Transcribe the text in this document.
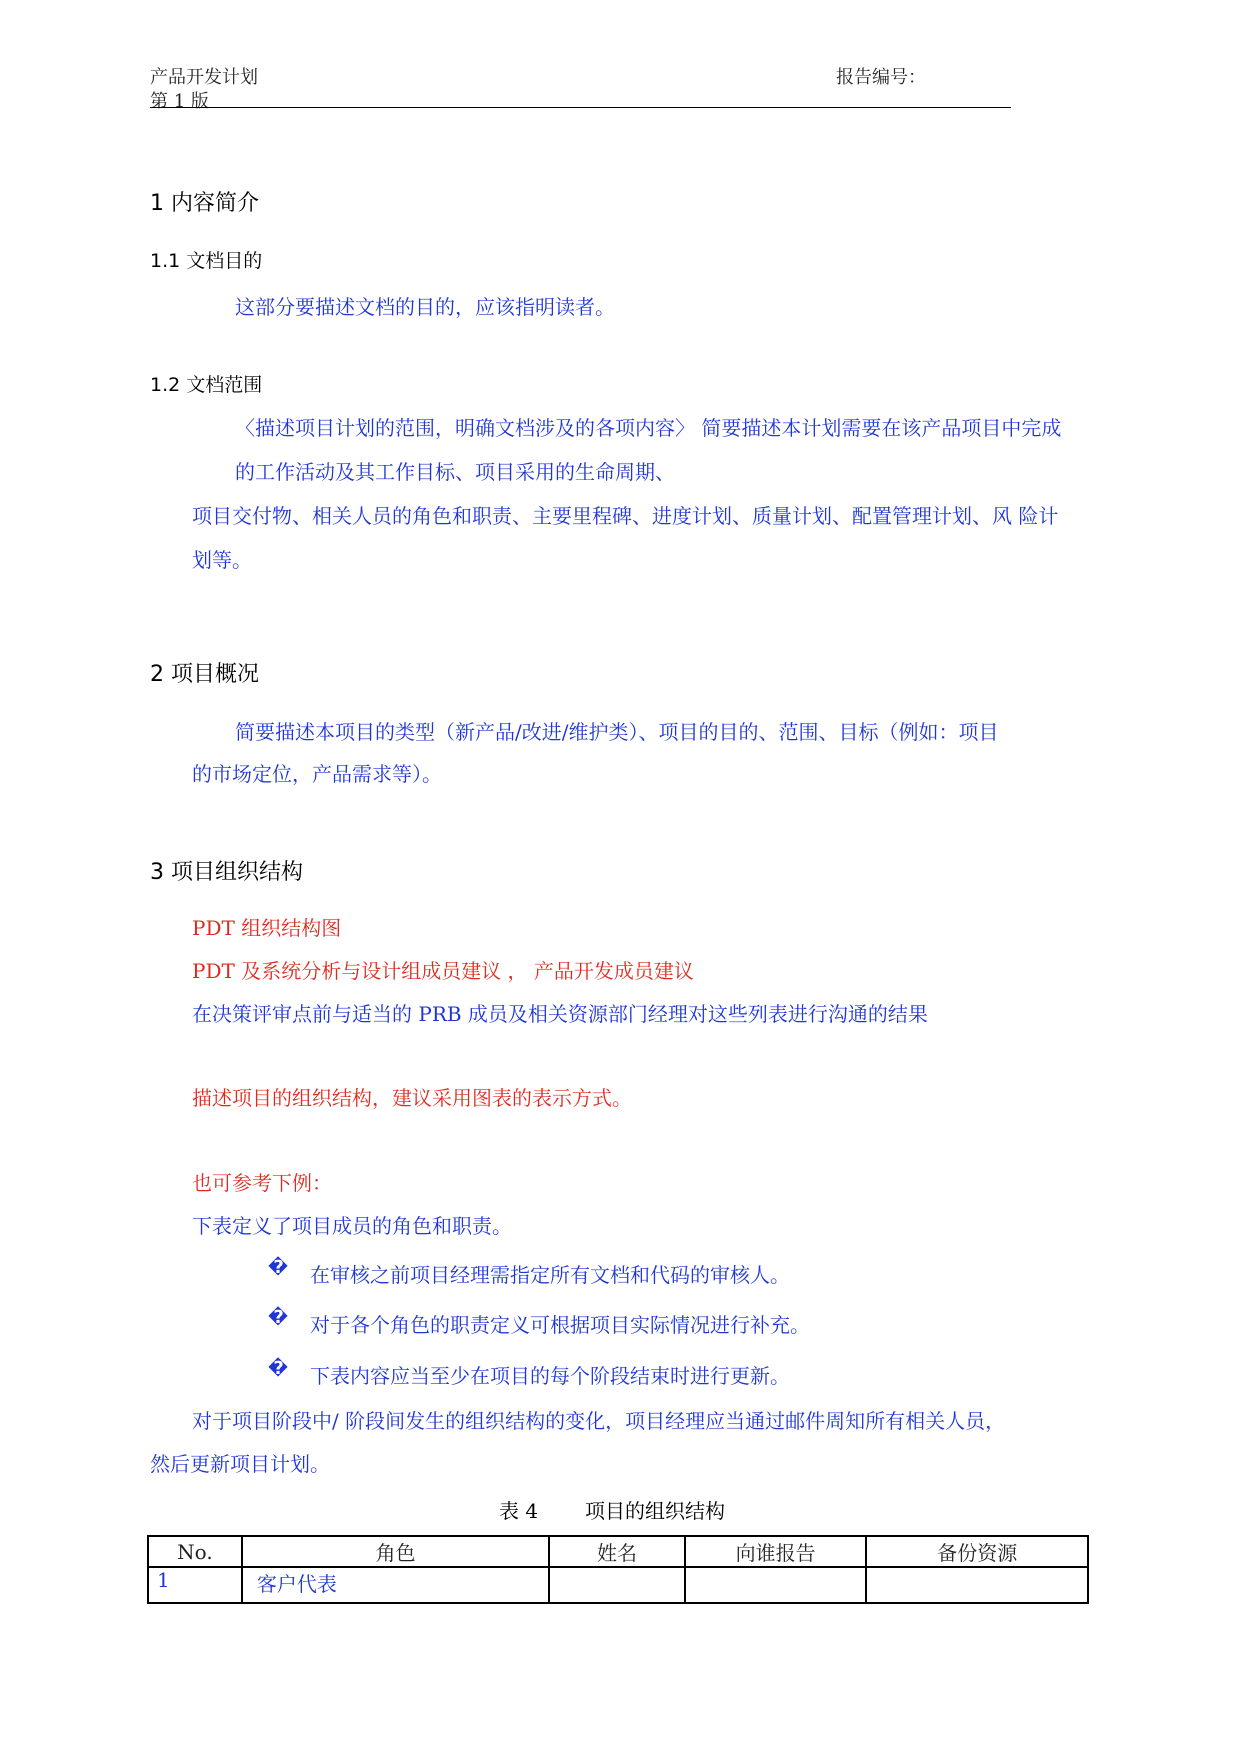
产品开发计划	报告编号：
第 1 版
1 内容简介
1.1 文档目的
这部分要描述文档的目的，应该指明读者。
1.2 文档范围
〈描述项目计划的范围，明确文档涉及的各项内容〉 简要描述本计划需要在该产品项目中完成
的工作活动及其工作目标、项目采用的生命周期、
项目交付物、相关人员的角色和职责、主要里程碑、进度计划、质量计划、配置管理计划、风 险计
划等。
2 项目概况
简要描述本项目的类型（新产品/改进/维护类）、项目的目的、范围、目标（例如：项目
的市场定位，产品需求等）。
3 项目组织结构
PDT 组织结构图
PDT 及系统分析与设计组成员建议 ， 产品开发成员建议
在决策评审点前与适当的 PRB 成员及相关资源部门经理对这些列表进行沟通的结果
描述项目的组织结构，建议采用图表的表示方式。
也可参考下例：
下表定义了项目成员的角色和职责。
� 在审核之前项目经理需指定所有文档和代码的审核人。
� 对于各个角色的职责定义可根据项目实际情况进行补充。
� 下表内容应当至少在项目的每个阶段结束时进行更新。
对于项目阶段中/ 阶段间发生的组织结构的变化，项目经理应当通过邮件周知所有相关人员，
然后更新项目计划。
表 4 项目的组织结构
No.	角色	姓名	向谁报告	备份资源
1	客户代表			
